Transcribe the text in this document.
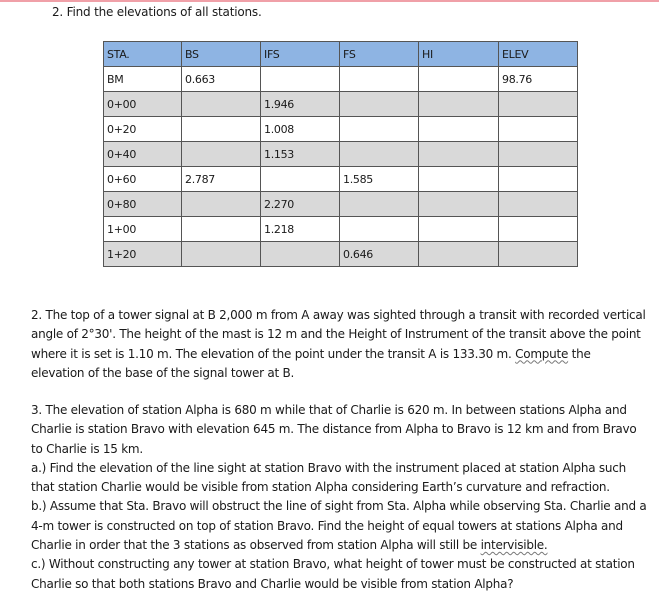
2. Find the elevations of all stations.
STA.	BS	IFS	FS	HI	ELEV
BM	0.663				98.76
0+00		1.946			
0+20		1.008			
0+40		1.153			
0+60	2.787		1.585		
0+80		2.270			
1+00		1.218			
1+20			0.646		

2. The top of a tower signal at B 2,000 m from A away was sighted through a transit with recorded vertical angle of 2°30'. The height of the mast is 12 m and the Height of Instrument of the transit above the point where it is set is 1.10 m. The elevation of the point under the transit A is 133.30 m. Compute the elevation of the base of the signal tower at B.

3. The elevation of station Alpha is 680 m while that of Charlie is 620 m. In between stations Alpha and Charlie is station Bravo with elevation 645 m. The distance from Alpha to Bravo is 12 km and from Bravo to Charlie is 15 km.

a.) Find the elevation of the line sight at station Bravo with the instrument placed at station Alpha such that station Charlie would be visible from station Alpha considering Earth’s curvature and refraction.

b.) Assume that Sta. Bravo will obstruct the line of sight from Sta. Alpha while observing Sta. Charlie and a 4-m tower is constructed on top of station Bravo. Find the height of equal towers at stations Alpha and Charlie in order that the 3 stations as observed from station Alpha will still be intervisible.

c.) Without constructing any tower at station Bravo, what height of tower must be constructed at station Charlie so that both stations Bravo and Charlie would be visible from station Alpha?
